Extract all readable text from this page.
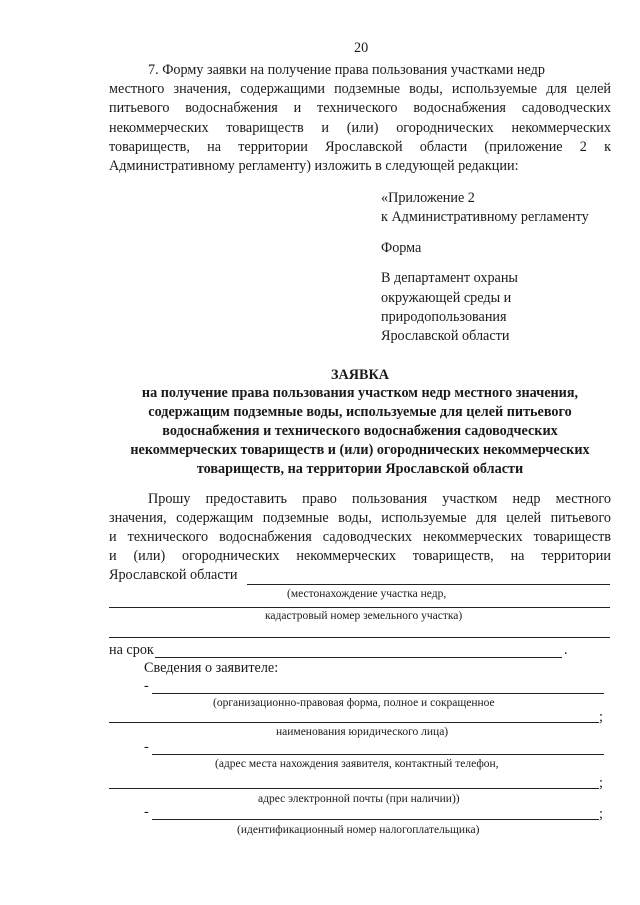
20
7. Форму заявки на получение права пользования участками недр
местного значения, содержащими подземные воды, используемые для целей
питьевого водоснабжения и технического водоснабжения садоводческих
некоммерческих товариществ и (или) огороднических некоммерческих
товариществ, на территории Ярославской области (приложение 2 к
Административному регламенту) изложить в следующей редакции:
«Приложение 2
к Административному регламенту
Форма
В департамент охраны
окружающей среды и
природопользования
Ярославской области
ЗАЯВКА
на получение права пользования участком недр местного значения,
содержащим подземные воды, используемые для целей питьевого
водоснабжения и технического водоснабжения садоводческих
некоммерческих товариществ и (или) огороднических некоммерческих
товариществ, на территории Ярославской области
Прошу предоставить право пользования участком недр местного
значения, содержащим подземные воды, используемые для целей питьевого
и технического водоснабжения садоводческих некоммерческих товариществ
и (или) огороднических некоммерческих товариществ, на территории
Ярославской области
(местонахождение участка недр,
кадастровый номер земельного участка)
на срок	.
Сведения о заявителе:
-
(организационно-правовая форма, полное и сокращенное
;
наименования юридического лица)
-
(адрес места нахождения заявителя, контактный телефон,
;
адрес электронной почты (при наличии))
-	;
(идентификационный номер налогоплательщика)
